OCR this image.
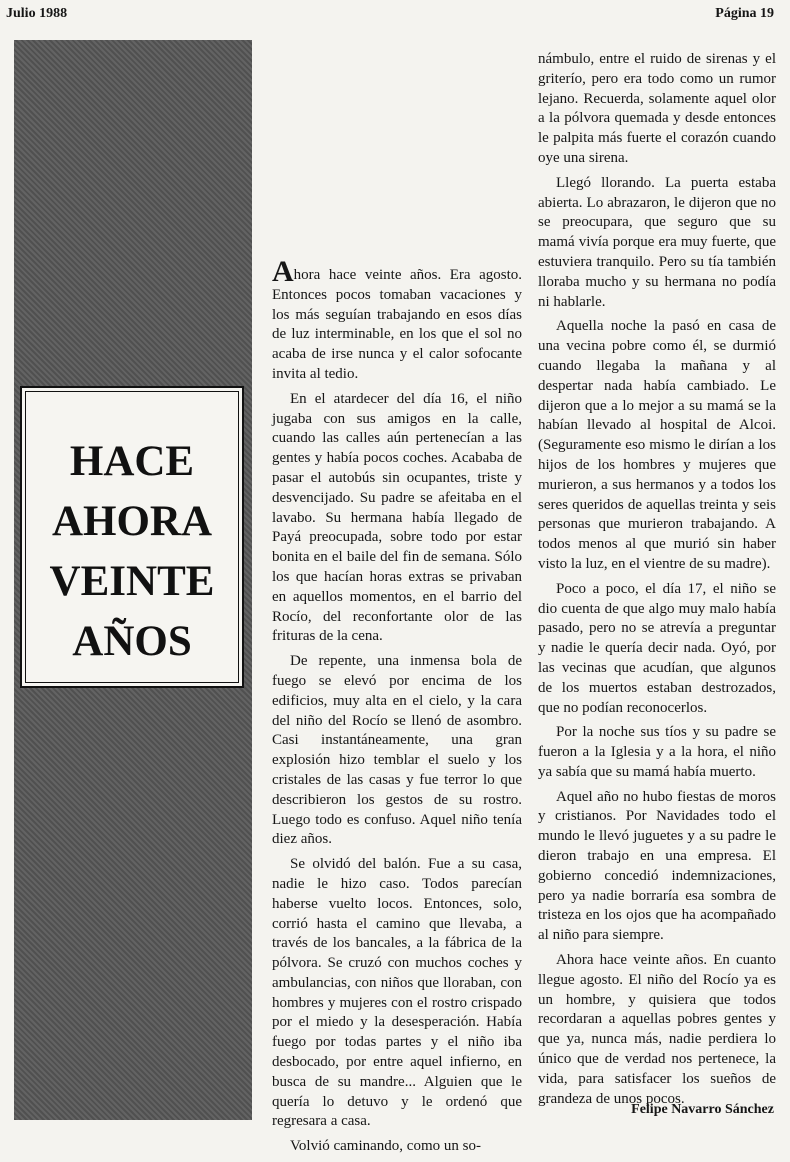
Julio 1988	Página 19
HACE
AHORA
VEINTE
AÑOS

Ahora hace veinte años. Era agosto. Entonces pocos tomaban vacaciones y los más seguían trabajando en esos días de luz interminable, en los que el sol no acaba de irse nunca y el calor sofocante invita al tedio.

En el atardecer del día 16, el niño jugaba con sus amigos en la calle, cuando las calles aún pertenecían a las gentes y había pocos coches. Acababa de pasar el autobús sin ocupantes, triste y desvencijado. Su padre se afeitaba en el lavabo. Su hermana había llegado de Payá preocupada, sobre todo por estar bonita en el baile del fin de semana. Sólo los que hacían horas extras se privaban en aquellos momentos, en el barrio del Rocío, del reconfortante olor de las frituras de la cena.

De repente, una inmensa bola de fuego se elevó por encima de los edificios, muy alta en el cielo, y la cara del niño del Rocío se llenó de asombro. Casi instantáneamente, una gran explosión hizo temblar el suelo y los cristales de las casas y fue terror lo que describieron los gestos de su rostro. Luego todo es confuso. Aquel niño tenía diez años.

Se olvidó del balón. Fue a su casa, nadie le hizo caso. Todos parecían haberse vuelto locos. Entonces, solo, corrió hasta el camino que llevaba, a través de los bancales, a la fábrica de la pólvora. Se cruzó con muchos coches y ambulancias, con niños que lloraban, con hombres y mujeres con el rostro crispado por el miedo y la desesperación. Había fuego por todas partes y el niño iba desbocado, por entre aquel infierno, en busca de su mandre... Alguien que le quería lo detuvo y le ordenó que regresara a casa.

Volvió caminando, como un so-

námbulo, entre el ruido de sirenas y el griterío, pero era todo como un rumor lejano. Recuerda, solamente aquel olor a la pólvora quemada y desde entonces le palpita más fuerte el corazón cuando oye una sirena.

Llegó llorando. La puerta estaba abierta. Lo abrazaron, le dijeron que no se preocupara, que seguro que su mamá vivía porque era muy fuerte, que estuviera tranquilo. Pero su tía también lloraba mucho y su hermana no podía ni hablarle.

Aquella noche la pasó en casa de una vecina pobre como él, se durmió cuando llegaba la mañana y al despertar nada había cambiado. Le dijeron que a lo mejor a su mamá se la habían llevado al hospital de Alcoi. (Seguramente eso mismo le dirían a los hijos de los hombres y mujeres que murieron, a sus hermanos y a todos los seres queridos de aquellas treinta y seis personas que murieron trabajando. A todos menos al que murió sin haber visto la luz, en el vientre de su madre).

Poco a poco, el día 17, el niño se dio cuenta de que algo muy malo había pasado, pero no se atrevía a preguntar y nadie le quería decir nada. Oyó, por las vecinas que acudían, que algunos de los muertos estaban destrozados, que no podían reconocerlos.

Por la noche sus tíos y su padre se fueron a la Iglesia y a la hora, el niño ya sabía que su mamá había muerto.

Aquel año no hubo fiestas de moros y cristianos. Por Navidades todo el mundo le llevó juguetes y a su padre le dieron trabajo en una empresa. El gobierno concedió indemnizaciones, pero ya nadie borraría esa sombra de tristeza en los ojos que ha acompañado al niño para siempre.

Ahora hace veinte años. En cuanto llegue agosto. El niño del Rocío ya es un hombre, y quisiera que todos recordaran a aquellas pobres gentes y que ya, nunca más, nadie perdiera lo único que de verdad nos pertenece, la vida, para satisfacer los sueños de grandeza de unos pocos.

Felipe Navarro Sánchez
